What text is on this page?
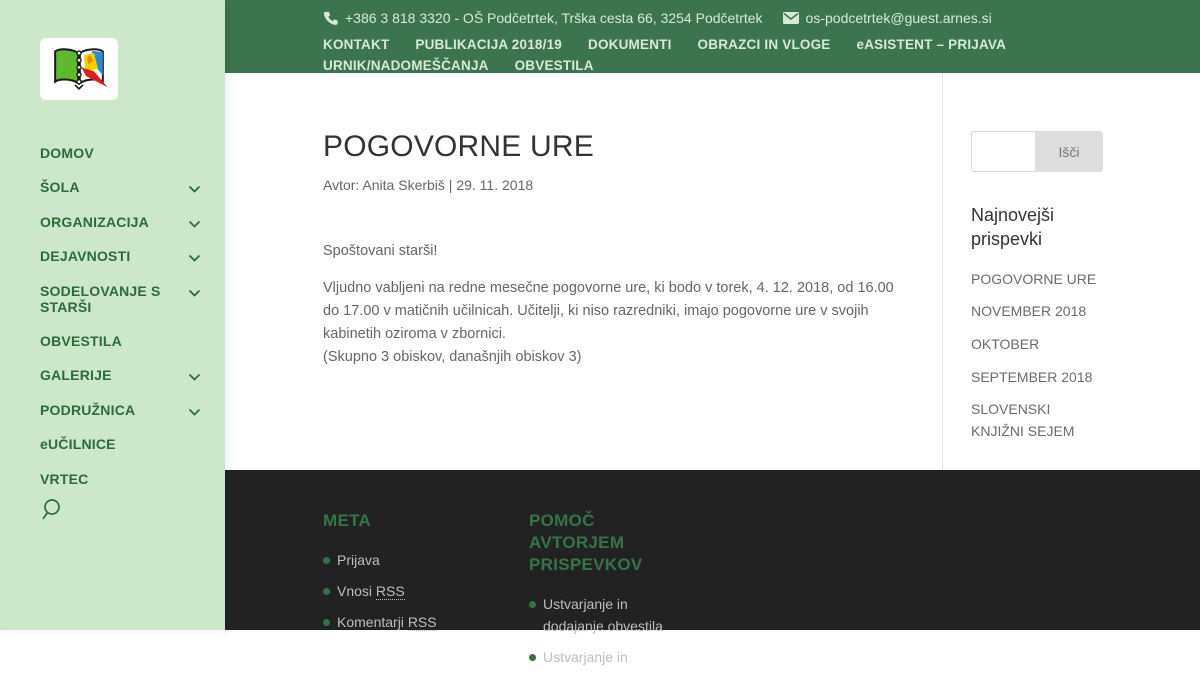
DOMOV
ŠOLA
ORGANIZACIJA
DEJAVNOSTI
SODELOVANJE S STARŠI
OBVESTILA
GALERIJE
PODRUŽNICA
eUČILNICE
VRTEC
+386 3 818 3320 - OŠ Podčetrtek, Trška cesta 66, 3254 Podčetrtek	os-podcetrtek@guest.arnes.si
KONTAKT PUBLIKACIJA 2018/19 DOKUMENTI OBRAZCI IN VLOGE eASISTENT – PRIJAVA
URNIK/NADOMEŠČANJA OBVESTILA
POGOVORNE URE

Avtor: Anita Skerbiš | 29. 11. 2018

Spoštovani starši!

Vljudno vabljeni na redne mesečne pogovorne ure, ki bodo v torek, 4. 12. 2018, od 16.00 do 17.00 v matičnih učilnicah. Učitelji, ki niso razredniki, imajo pogovorne ure v svojih kabinetih oziroma v zbornici.

(Skupno 3 obiskov, današnjih obiskov 3)

Išči
Najnovejši prispevki
POGOVORNE URE
NOVEMBER 2018
OKTOBER
SEPTEMBER 2018
SLOVENSKI KNJIŽNI SEJEM
META
Prijava
Vnosi RSS
Komentarji RSS
POMOČ AVTORJEM PRISPEVKOV
Ustvarjanje in dodajanje obvestila
Ustvarjanje in
